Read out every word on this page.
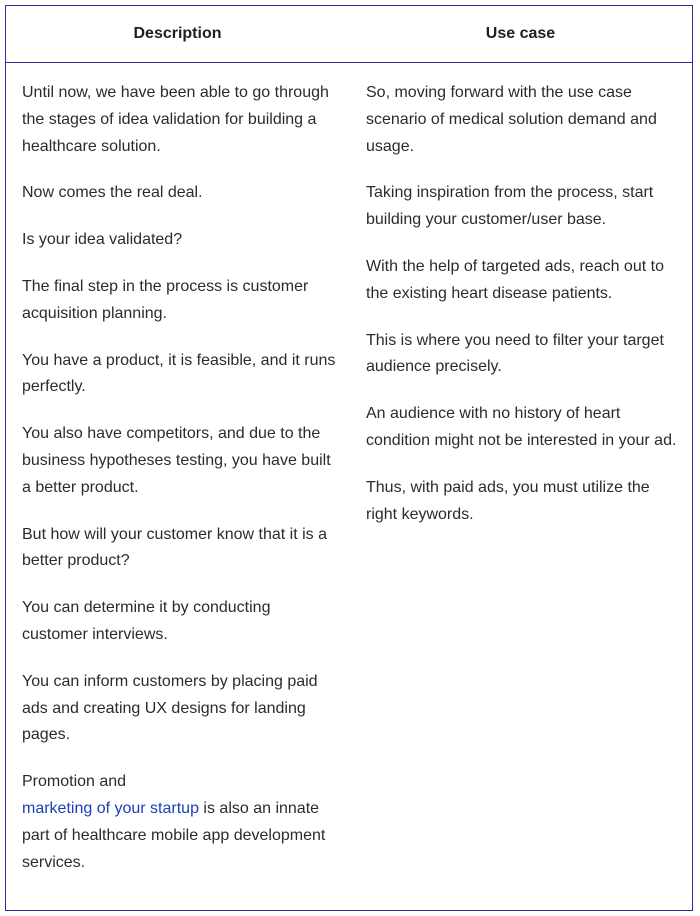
Description	Use case

Until now, we have been able to go through the stages of idea validation for building a healthcare solution.

Now comes the real deal.

Is your idea validated?

The final step in the process is customer acquisition planning.

You have a product, it is feasible, and it runs perfectly.

You also have competitors, and due to the business hypotheses testing, you have built a better product.

But how will your customer know that it is a better product?

You can determine it by conducting customer interviews.

You can inform customers by placing paid ads and creating UX designs for landing pages.

Promotion and
marketing of your startup is also an innate part of healthcare mobile app development services.

So, moving forward with the use case scenario of medical solution demand and usage.

Taking inspiration from the process, start building your customer/user base.

With the help of targeted ads, reach out to the existing heart disease patients.

This is where you need to filter your target audience precisely.

An audience with no history of heart condition might not be interested in your ad.

Thus, with paid ads, you must utilize the right keywords.
